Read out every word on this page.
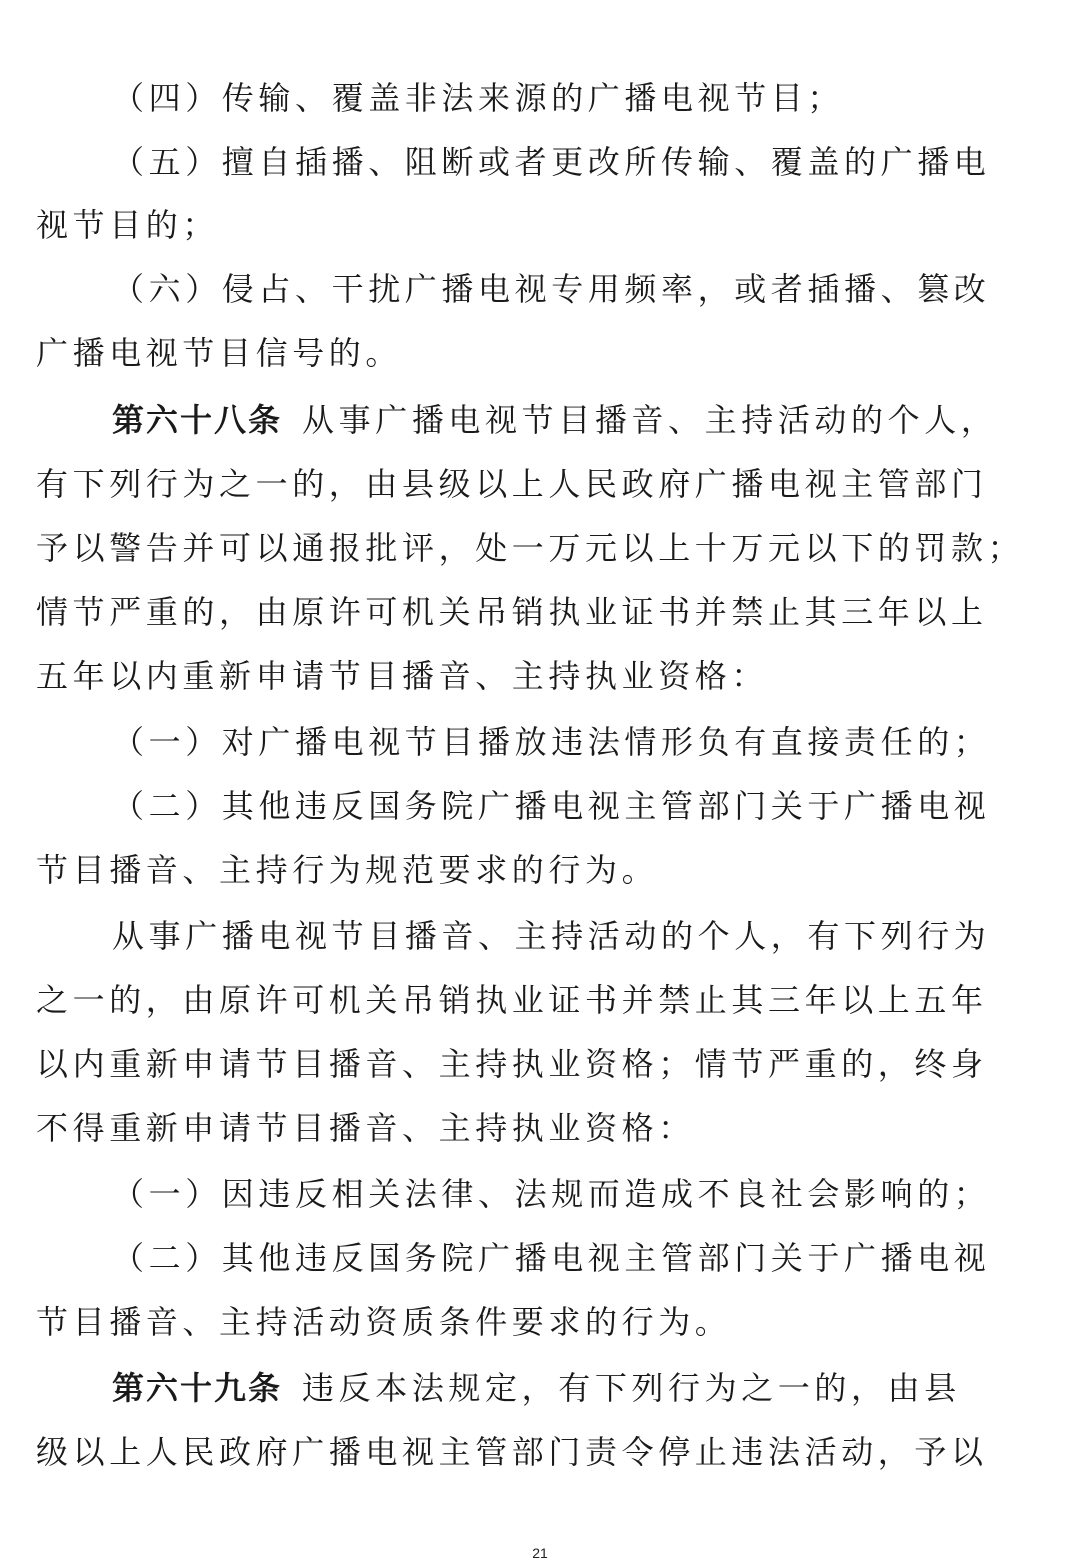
（四）传输、覆盖非法来源的广播电视节目；
（五）擅自插播、阻断或者更改所传输、覆盖的广播电
视节目的；
（六）侵占、干扰广播电视专用频率，或者插播、篡改
广播电视节目信号的。
第六十八条 从事广播电视节目播音、主持活动的个人，
有下列行为之一的，由县级以上人民政府广播电视主管部门
予以警告并可以通报批评，处一万元以上十万元以下的罚款；
情节严重的，由原许可机关吊销执业证书并禁止其三年以上
五年以内重新申请节目播音、主持执业资格：
（一）对广播电视节目播放违法情形负有直接责任的；
（二）其他违反国务院广播电视主管部门关于广播电视
节目播音、主持行为规范要求的行为。
从事广播电视节目播音、主持活动的个人，有下列行为
之一的，由原许可机关吊销执业证书并禁止其三年以上五年
以内重新申请节目播音、主持执业资格；情节严重的，终身
不得重新申请节目播音、主持执业资格：
（一）因违反相关法律、法规而造成不良社会影响的；
（二）其他违反国务院广播电视主管部门关于广播电视
节目播音、主持活动资质条件要求的行为。
第六十九条 违反本法规定，有下列行为之一的，由县
级以上人民政府广播电视主管部门责令停止违法活动，予以
21
